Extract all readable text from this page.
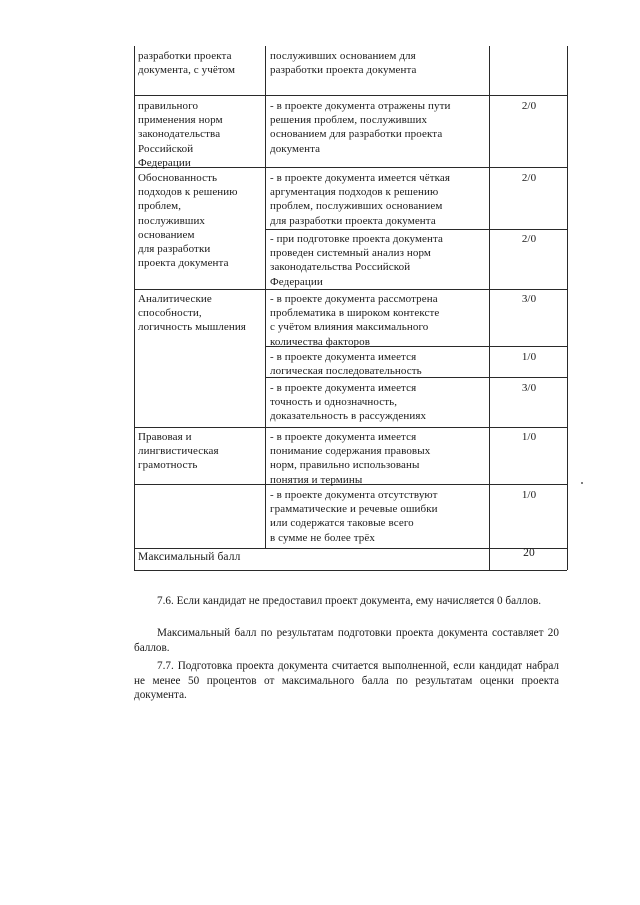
разработки проекта
документа, с учётом
послуживших основанием для
разработки проекта документа
правильного
применения норм
законодательства
Российской
Федерации
- в проекте документа отражены пути
решения проблем, послуживших
основанием для разработки проекта
документа
2/0
Обоснованность
подходов к решению
проблем,
послуживших
основанием
для разработки
проекта документа
- в проекте документа имеется чёткая
аргументация подходов к решению
проблем, послуживших основанием
для разработки проекта документа
2/0
- при подготовке проекта документа
проведен системный анализ норм
законодательства Российской
Федерации
2/0
Аналитические
способности,
логичность мышления
- в проекте документа рассмотрена
проблематика в широком контексте
с учётом влияния максимального
количества факторов
3/0
- в проекте документа имеется
логическая последовательность
1/0
- в проекте документа имеется
точность и однозначность,
доказательность в рассуждениях
3/0
Правовая и
лингвистическая
грамотность
- в проекте документа имеется
понимание содержания правовых
норм, правильно использованы
понятия и термины
1/0
- в проекте документа отсутствуют
грамматические и речевые ошибки
или содержатся таковые всего
в сумме не более трёх
1/0
Максимальный балл	20
7.6. Если кандидат не предоставил проект документа, ему начисляется 0 баллов.
Максимальный балл по результатам подготовки проекта документа составляет 20 баллов.
7.7. Подготовка проекта документа считается выполненной, если кандидат набрал не менее 50 процентов от максимального балла по результатам оценки проекта документа.
